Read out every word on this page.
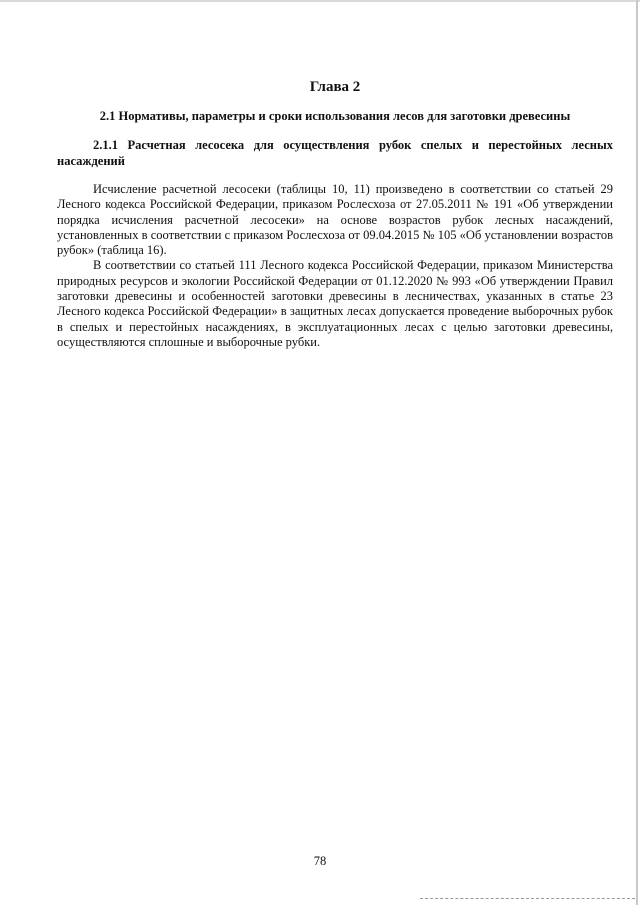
Глава 2
2.1 Нормативы, параметры и сроки использования лесов для заготовки древесины
2.1.1 Расчетная лесосека для осуществления рубок спелых и перестойных лесных насаждений

Исчисление расчетной лесосеки (таблицы 10, 11) произведено в соответствии со статьей 29 Лесного кодекса Российской Федерации, приказом Рослесхоза от 27.05.2011 № 191 «Об утверждении порядка исчисления расчетной лесосеки» на основе возрастов рубок лесных насаждений, установленных в соответствии с приказом Рослесхоза от 09.04.2015 № 105 «Об установлении возрастов рубок» (таблица 16).

В соответствии со статьей 111 Лесного кодекса Российской Федерации, приказом Министерства природных ресурсов и экологии Российской Федерации от 01.12.2020 № 993 «Об утверждении Правил заготовки древесины и особенностей заготовки древесины в лесничествах, указанных в статье 23 Лесного кодекса Российской Федерации» в защитных лесах допускается проведение выборочных рубок в спелых и перестойных насаждениях, в эксплуатационных лесах с целью заготовки древесины, осуществляются сплошные и выборочные рубки.

78
